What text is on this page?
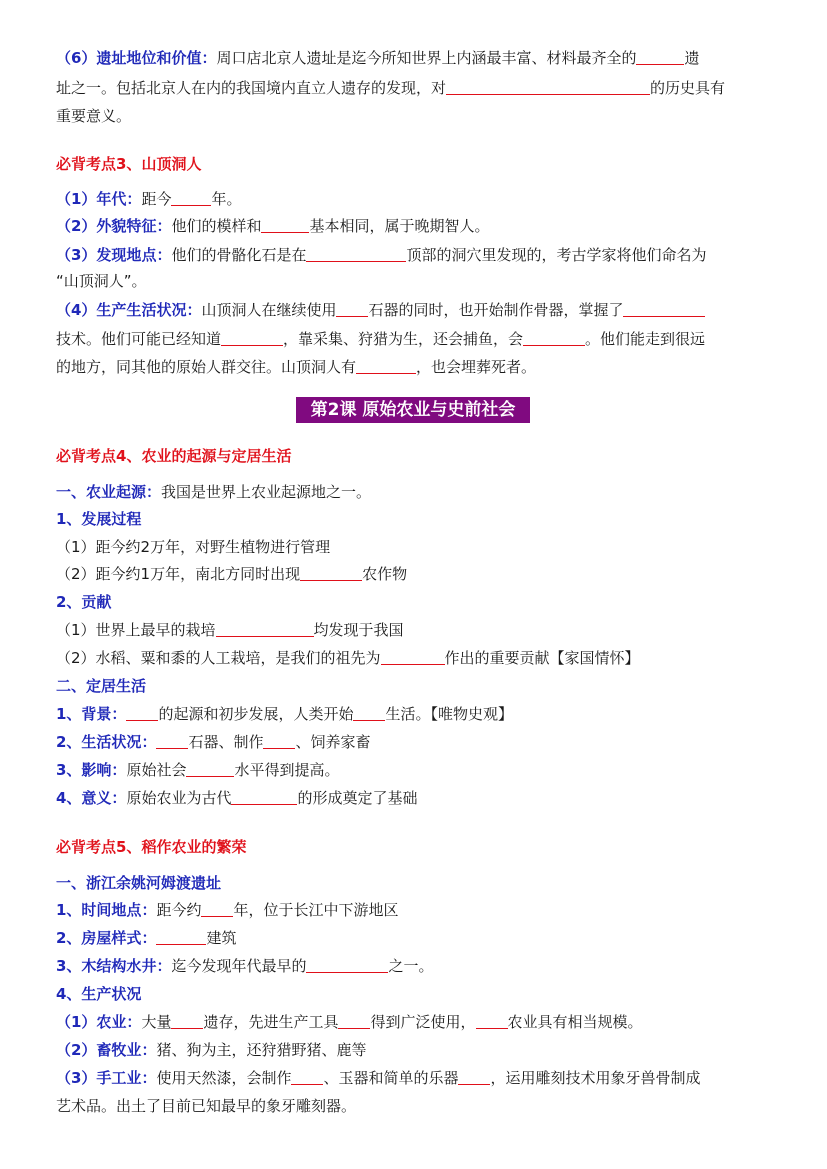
（6）遗址地位和价值：周口店北京人遗址是迄今所知世界上内涵最丰富、材料最齐全的	遗
址之一。包括北京人在内的我国境内直立人遗存的发现，对	的历史具有
重要意义。
必背考点3、山顶洞人
（1）年代：距今	年。
（2）外貌特征：他们的模样和	基本相同，属于晚期智人。
（3）发现地点：他们的骨骼化石是在	顶部的洞穴里发现的，考古学家将他们命名为
“山顶洞人”。
（4）生产生活状况：山顶洞人在继续使用 石器的同时，也开始制作骨器，掌握了
技术。他们可能已经知道	，靠采集、狩猎为生，还会捕鱼，会	。他们能走到很远
的地方，同其他的原始人群交往。山顶洞人有	，也会埋葬死者。
第2课 原始农业与史前社会
必背考点4、农业的起源与定居生活
一、农业起源：我国是世界上农业起源地之一。
1、发展过程
（1）距今约2万年，对野生植物进行管理
（2）距今约1万年，南北方同时出现	农作物
2、贡献
（1）世界上最早的栽培	均发现于我国
（2）水稻、粟和黍的人工栽培，是我们的祖先为	作出的重要贡献【家国情怀】
二、定居生活
1、背景： 的起源和初步发展，人类开始 生活。【唯物史观】
2、生活状况： 石器、制作 、饲养家畜
3、影响：原始社会	水平得到提高。
4、意义：原始农业为古代	的形成奠定了基础
必背考点5、稻作农业的繁荣
一、浙江余姚河姆渡遗址
1、时间地点：距今约 年，位于长江中下游地区
2、房屋样式：	建筑
3、木结构水井：迄今发现年代最早的	之一。
4、生产状况
（1）农业：大量 遗存，先进生产工具 得到广泛使用， 农业具有相当规模。
（2）畜牧业：猪、狗为主，还狩猎野猪、鹿等
（3）手工业：使用天然漆，会制作 、玉器和简单的乐器 ，运用雕刻技术用象牙兽骨制成
艺术品。出土了目前已知最早的象牙雕刻器。
